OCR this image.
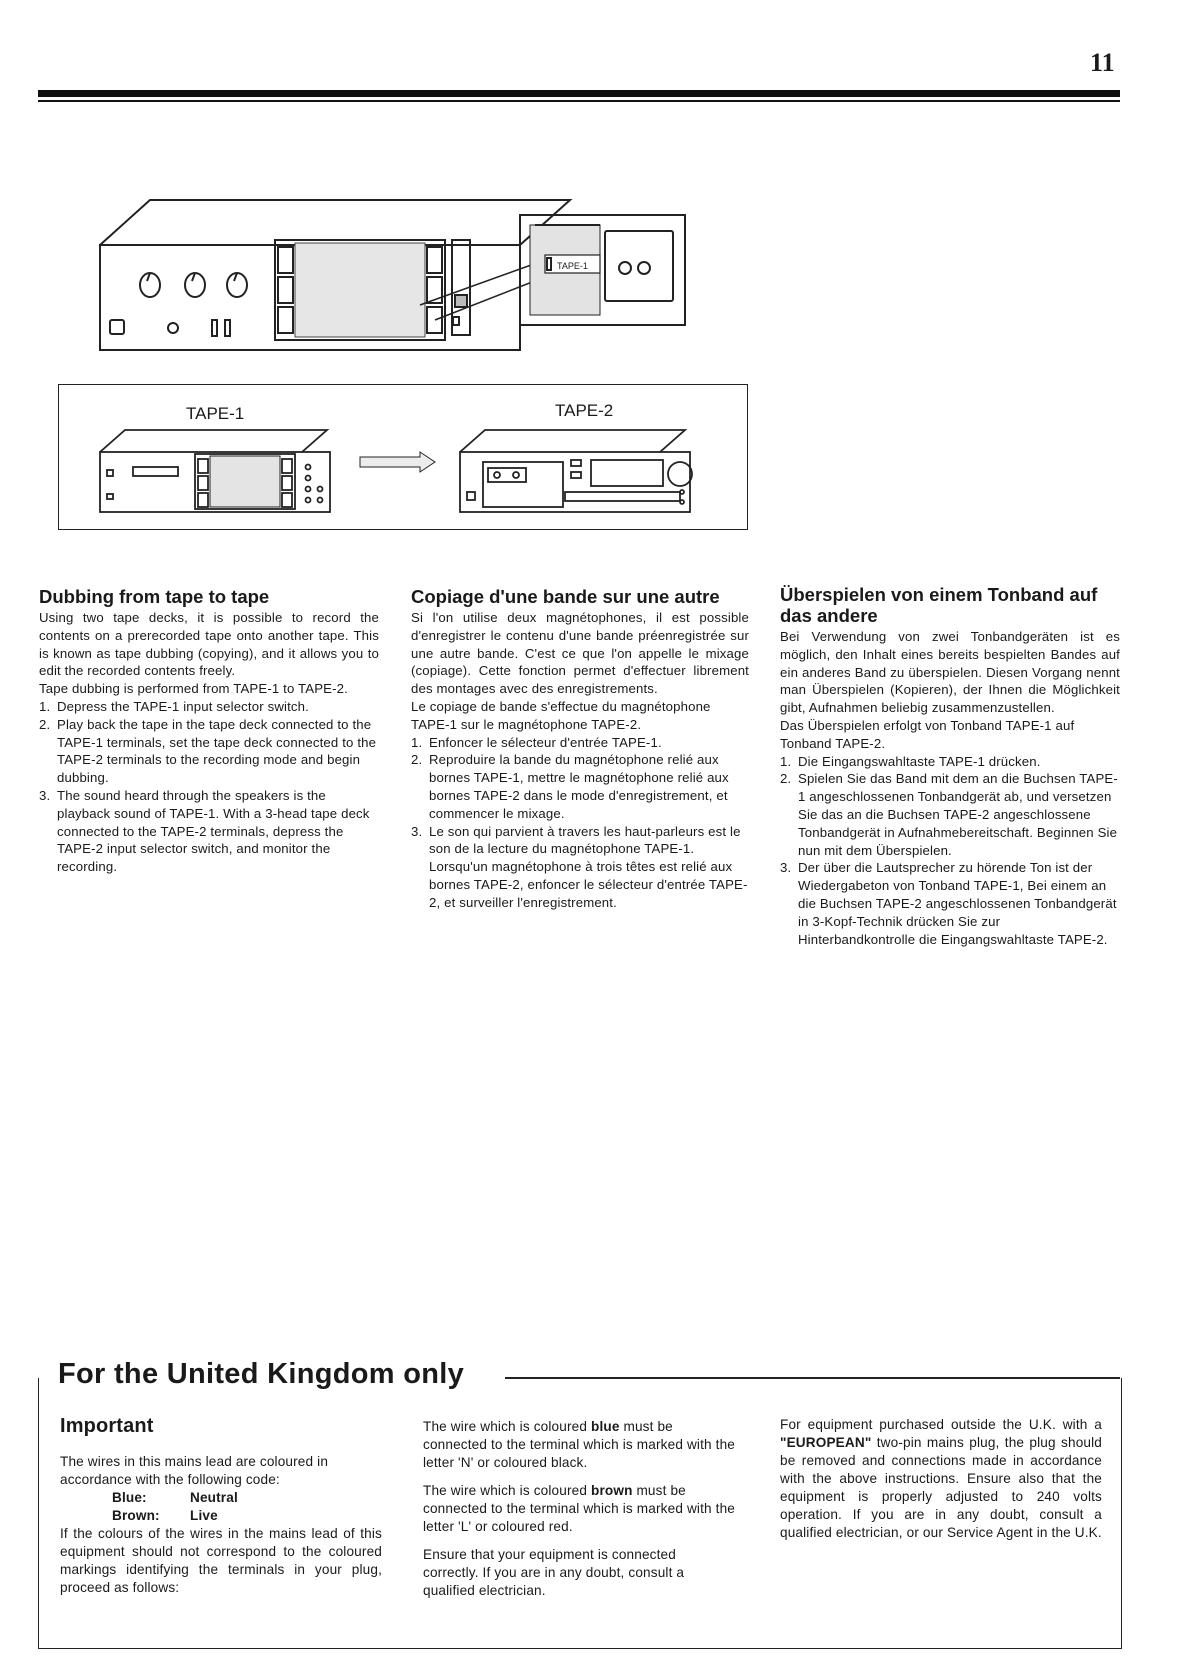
11
TAPE-1
TAPE-1	TAPE-2
Dubbing from tape to tape

Using two tape decks, it is possible to record the contents on a prerecorded tape onto another tape. This is known as tape dubbing (copying), and it allows you to edit the recorded contents freely.

Tape dubbing is performed from TAPE-1 to TAPE-2.

1. Depress the TAPE-1 input selector switch.
2. Play back the tape in the tape deck connected to the TAPE-1 terminals, set the tape deck connected to the TAPE-2 terminals to the recording mode and begin dubbing.
3. The sound heard through the speakers is the playback sound of TAPE-1. With a 3-head tape deck connected to the TAPE-2 terminals, depress the TAPE-2 input selector switch, and monitor the recording.
Copiage d'une bande sur une autre

Si l'on utilise deux magnétophones, il est possible d'enregistrer le contenu d'une bande préenregistrée sur une autre bande. C'est ce que l'on appelle le mixage (copiage). Cette fonction permet d'effectuer librement des montages avec des enregistrements.

Le copiage de bande s'effectue du magnétophone TAPE-1 sur le magnétophone TAPE-2.

1. Enfoncer le sélecteur d'entrée TAPE-1.
2. Reproduire la bande du magnétophone relié aux bornes TAPE-1, mettre le magnétophone relié aux bornes TAPE-2 dans le mode d'enregistrement, et commencer le mixage.
3. Le son qui parvient à travers les haut-parleurs est le son de la lecture du magnétophone TAPE-1. Lorsqu'un magnétophone à trois têtes est relié aux bornes TAPE-2, enfoncer le sélecteur d'entrée TAPE-2, et surveiller l'enregistrement.
Überspielen von einem Tonband auf das andere

Bei Verwendung von zwei Tonbandgeräten ist es möglich, den Inhalt eines bereits bespielten Bandes auf ein anderes Band zu überspielen. Diesen Vorgang nennt man Überspielen (Kopieren), der Ihnen die Möglichkeit gibt, Aufnahmen beliebig zusammenzustellen.

Das Überspielen erfolgt von Tonband TAPE-1 auf Tonband TAPE-2.

1. Die Eingangswahltaste TAPE-1 drücken.
2. Spielen Sie das Band mit dem an die Buchsen TAPE-1 angeschlossenen Tonbandgerät ab, und versetzen Sie das an die Buchsen TAPE-2 angeschlossene Tonbandgerät in Aufnahmebereitschaft. Beginnen Sie nun mit dem Überspielen.
3. Der über die Lautsprecher zu hörende Ton ist der Wiedergabeton von Tonband TAPE-1, Bei einem an die Buchsen TAPE-2 angeschlossenen Tonbandgerät in 3-Kopf-Technik drücken Sie zur Hinterbandkontrolle die Eingangswahltaste TAPE-2.
For the United Kingdom only
Important

The wires in this mains lead are coloured in accordance with the following code:

Blue:	Neutral
Brown:	Live

If the colours of the wires in the mains lead of this equipment should not correspond to the coloured markings identifying the terminals in your plug, proceed as follows:

The wire which is coloured blue must be connected to the terminal which is marked with the letter 'N' or coloured black.

The wire which is coloured brown must be connected to the terminal which is marked with the letter 'L' or coloured red.

Ensure that your equipment is connected correctly. If you are in any doubt, consult a qualified electrician.

For equipment purchased outside the U.K. with a "EUROPEAN" two-pin mains plug, the plug should be removed and connections made in accordance with the above instructions. Ensure also that the equipment is properly adjusted to 240 volts operation. If you are in any doubt, consult a qualified electrician, or our Service Agent in the U.K.
